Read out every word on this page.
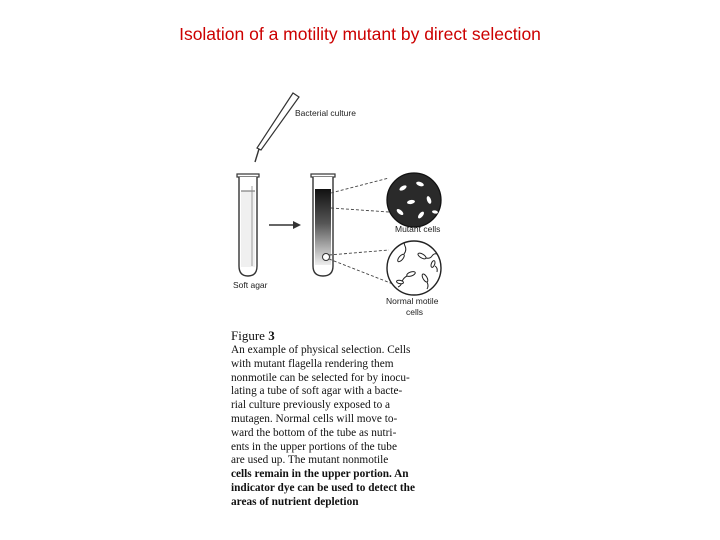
Isolation of a motility mutant by direct selection
Bacterial culture
Soft agar
Mutant cells
Normal motile
cells
Figure 3
An example of physical selection. Cells
with mutant flagella rendering them
nonmotile can be selected for by inocu-
lating a tube of soft agar with a bacte-
rial culture previously exposed to a
mutagen. Normal cells will move to-
ward the bottom of the tube as nutri-
ents in the upper portions of the tube
are used up. The mutant nonmotile
cells remain in the upper portion. An
indicator dye can be used to detect the
areas of nutrient depletion
